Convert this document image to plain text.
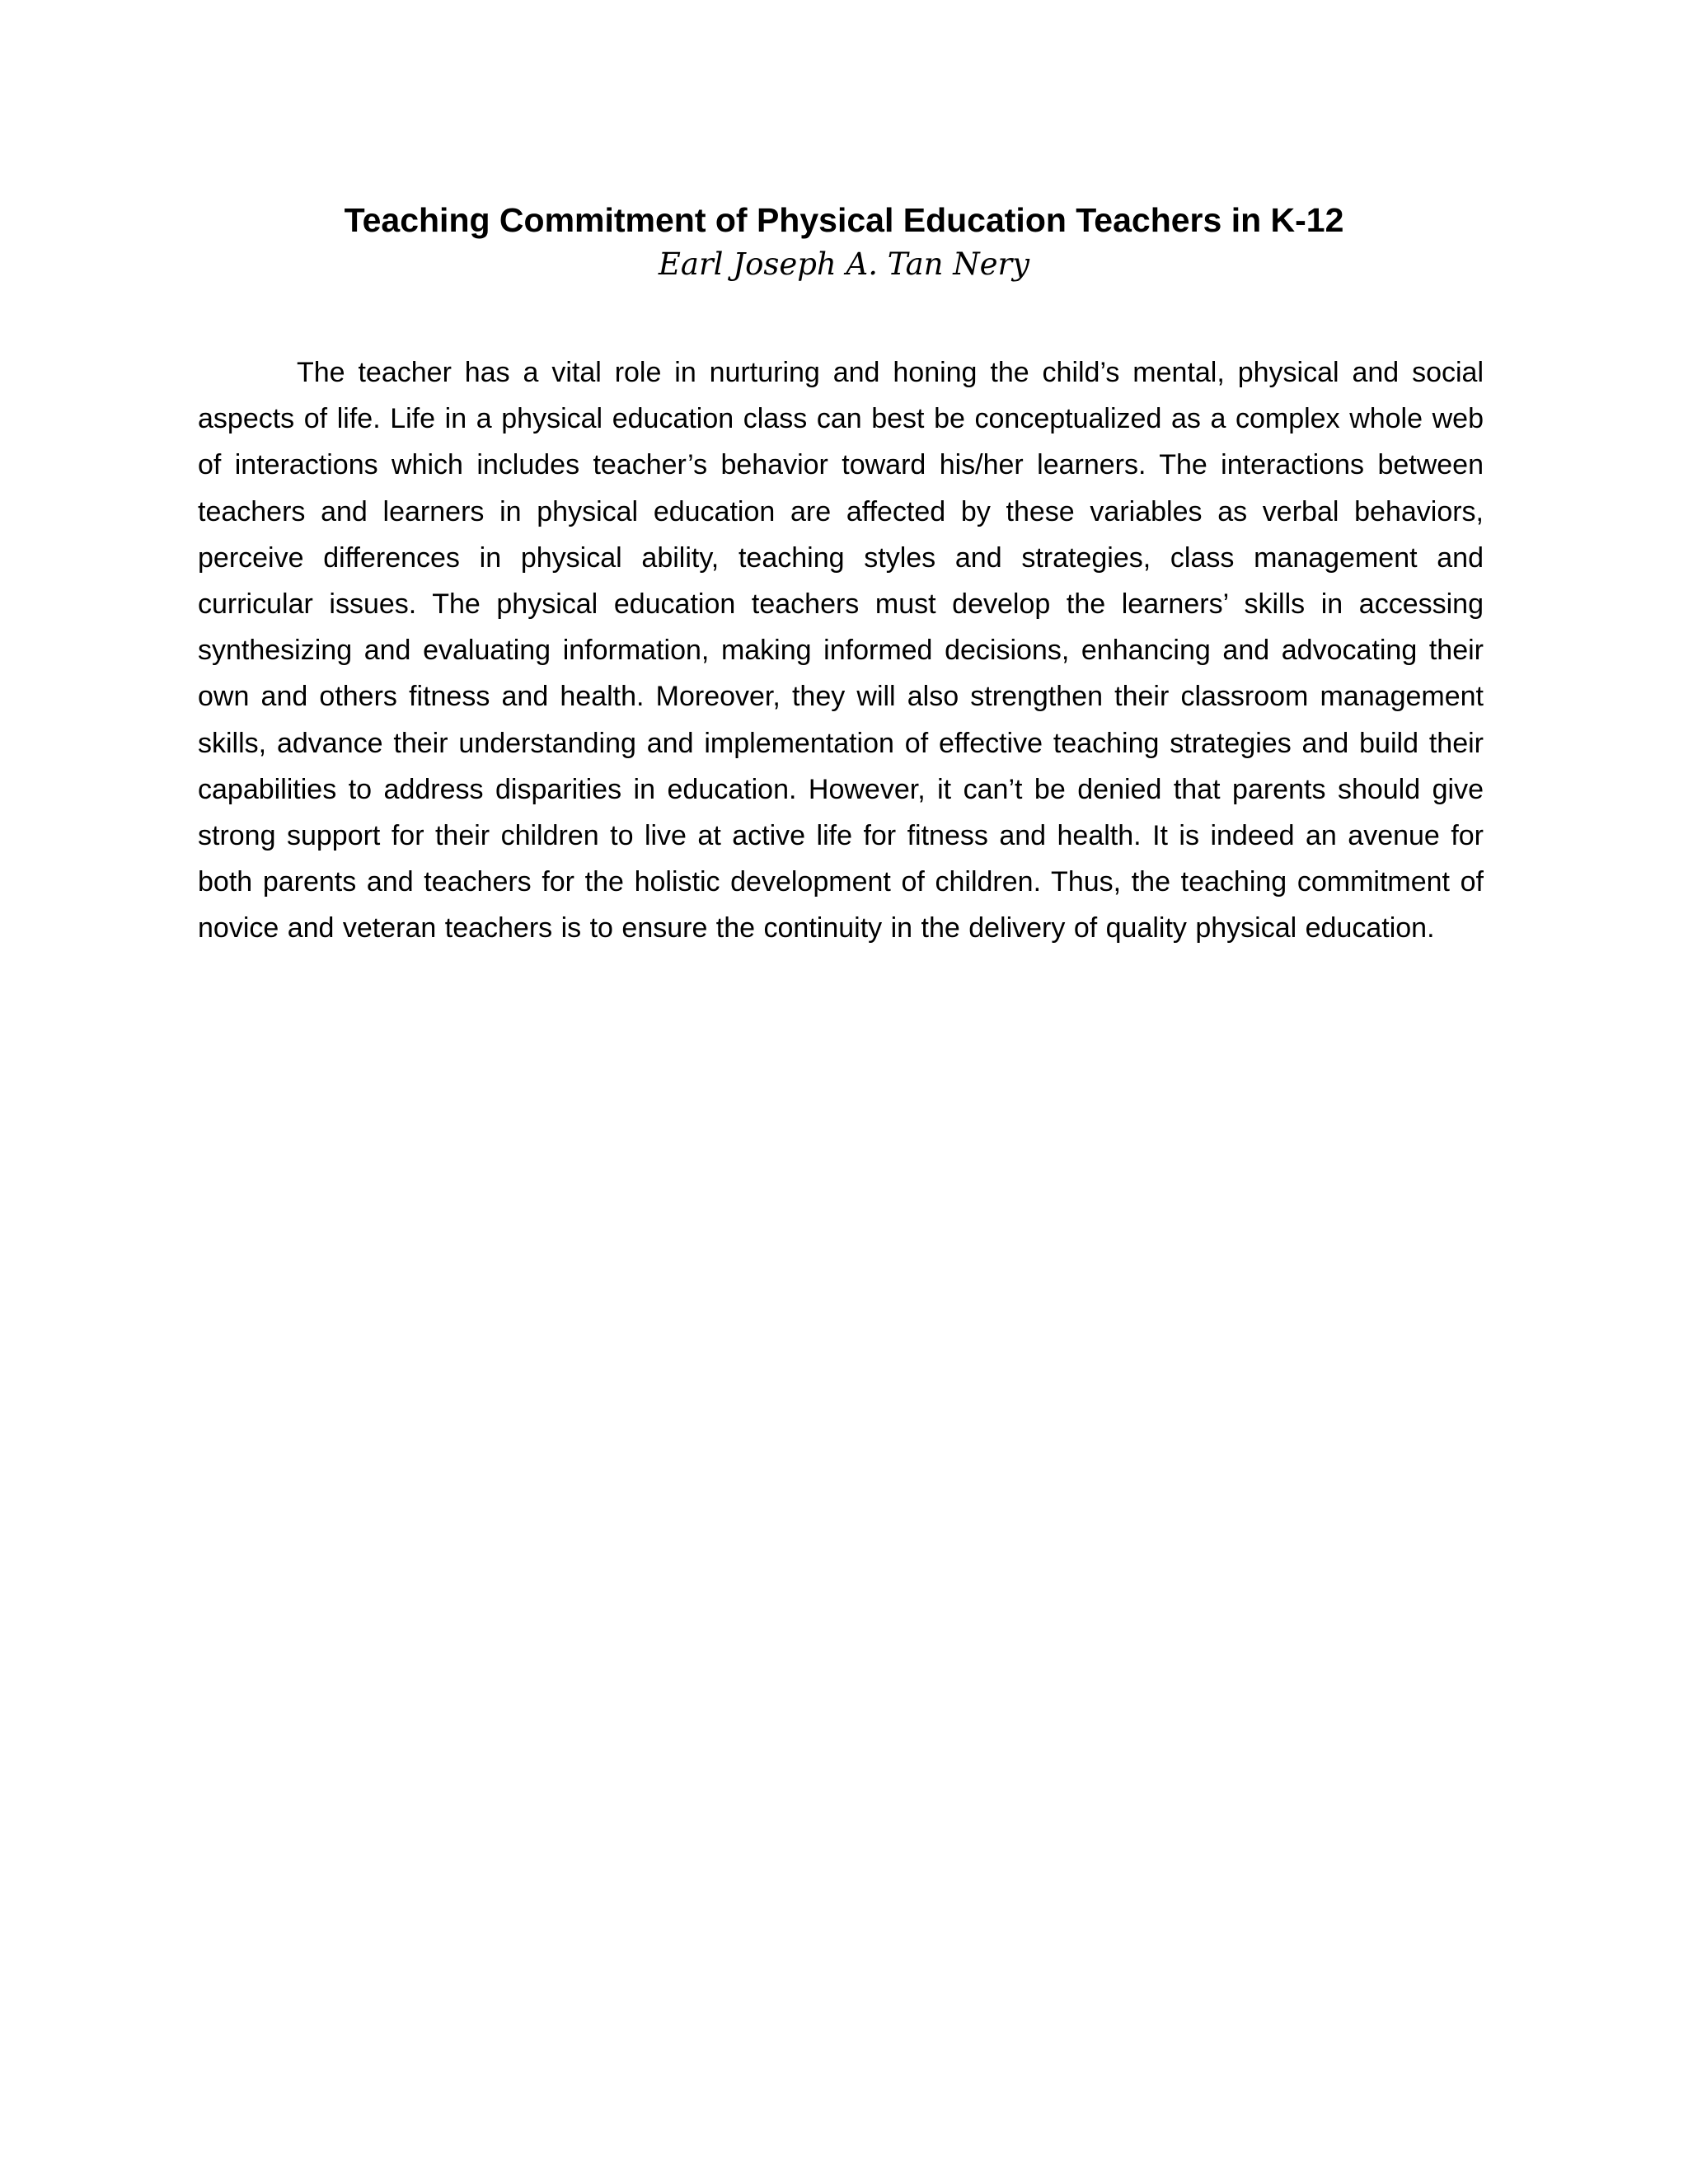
Teaching Commitment of Physical Education Teachers in K-12
Earl Joseph A. Tan Nery

The teacher has a vital role in nurturing and honing the child’s mental, physical and social aspects of life. Life in a physical education class can best be conceptualized as a complex whole web of interactions which includes teacher’s behavior toward his/her learners. The interactions between teachers and learners in physical education are affected by these variables as verbal behaviors, perceive differences in physical ability, teaching styles and strategies, class management and curricular issues. The physical education teachers must develop the learners’ skills in accessing synthesizing and evaluating information, making informed decisions, enhancing and advocating their own and others fitness and health. Moreover, they will also strengthen their classroom management skills, advance their understanding and implementation of effective teaching strategies and build their capabilities to address disparities in education. However, it can’t be denied that parents should give strong support for their children to live at active life for fitness and health. It is indeed an avenue for both parents and teachers for the holistic development of children. Thus, the teaching commitment of novice and veteran teachers is to ensure the continuity in the delivery of quality physical education.
